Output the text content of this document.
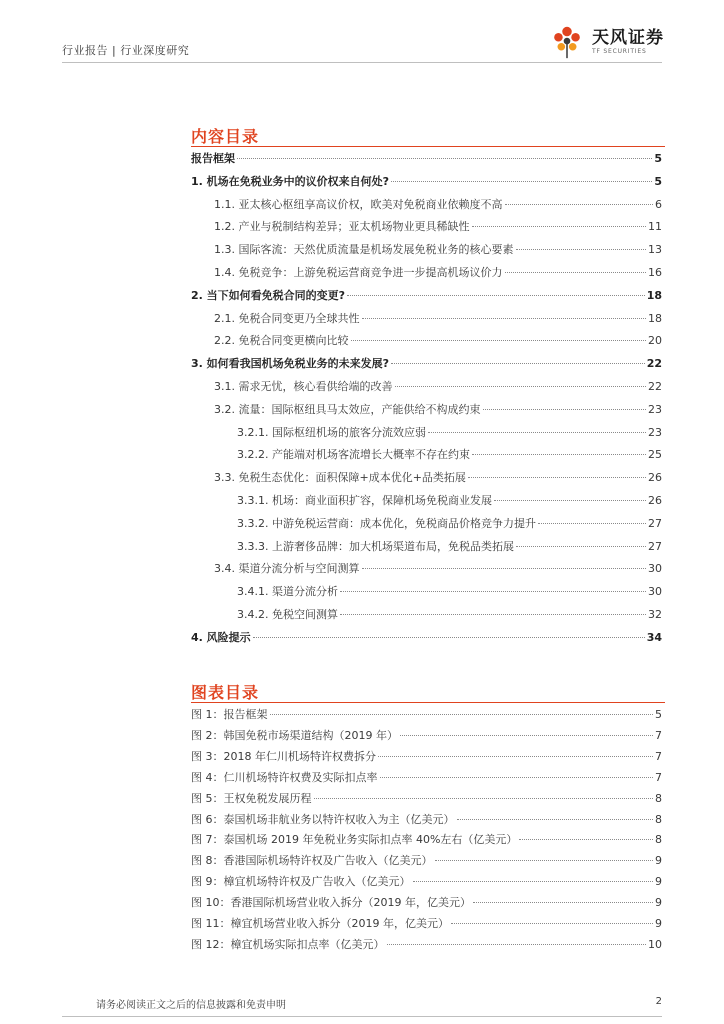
行业报告 | 行业深度研究
天风证券
TF SECURITIES
内容目录
报告框架	5
1. 机场在免税业务中的议价权来自何处?	5
1.1. 亚太核心枢纽享高议价权，欧美对免税商业依赖度不高	6
1.2. 产业与税制结构差异；亚太机场物业更具稀缺性	11
1.3. 国际客流：天然优质流量是机场发展免税业务的核心要素	13
1.4. 免税竞争：上游免税运营商竞争进一步提高机场议价力	16
2. 当下如何看免税合同的变更?	18
2.1. 免税合同变更乃全球共性	18
2.2. 免税合同变更横向比较	20
3. 如何看我国机场免税业务的未来发展?	22
3.1. 需求无忧，核心看供给端的改善	22
3.2. 流量：国际枢纽具马太效应，产能供给不构成约束	23
3.2.1. 国际枢纽机场的旅客分流效应弱	23
3.2.2. 产能端对机场客流增长大概率不存在约束	25
3.3. 免税生态优化：面积保障+成本优化+品类拓展	26
3.3.1. 机场：商业面积扩容，保障机场免税商业发展	26
3.3.2. 中游免税运营商：成本优化，免税商品价格竞争力提升	27
3.3.3. 上游奢侈品牌：加大机场渠道布局，免税品类拓展	27
3.4. 渠道分流分析与空间测算	30
3.4.1. 渠道分流分析	30
3.4.2. 免税空间测算	32
4. 风险提示	34
图表目录
图 1：报告框架	5
图 2：韩国免税市场渠道结构（2019 年）	7
图 3：2018 年仁川机场特许权费拆分	7
图 4：仁川机场特许权费及实际扣点率	7
图 5：王权免税发展历程	8
图 6：泰国机场非航业务以特许权收入为主（亿美元）	8
图 7：泰国机场 2019 年免税业务实际扣点率 40%左右（亿美元）	8
图 8：香港国际机场特许权及广告收入（亿美元）	9
图 9：樟宜机场特许权及广告收入（亿美元）	9
图 10：香港国际机场营业收入拆分（2019 年，亿美元）	9
图 11：樟宜机场营业收入拆分（2019 年，亿美元）	9
图 12：樟宜机场实际扣点率（亿美元）	10
请务必阅读正文之后的信息披露和免责申明	2
